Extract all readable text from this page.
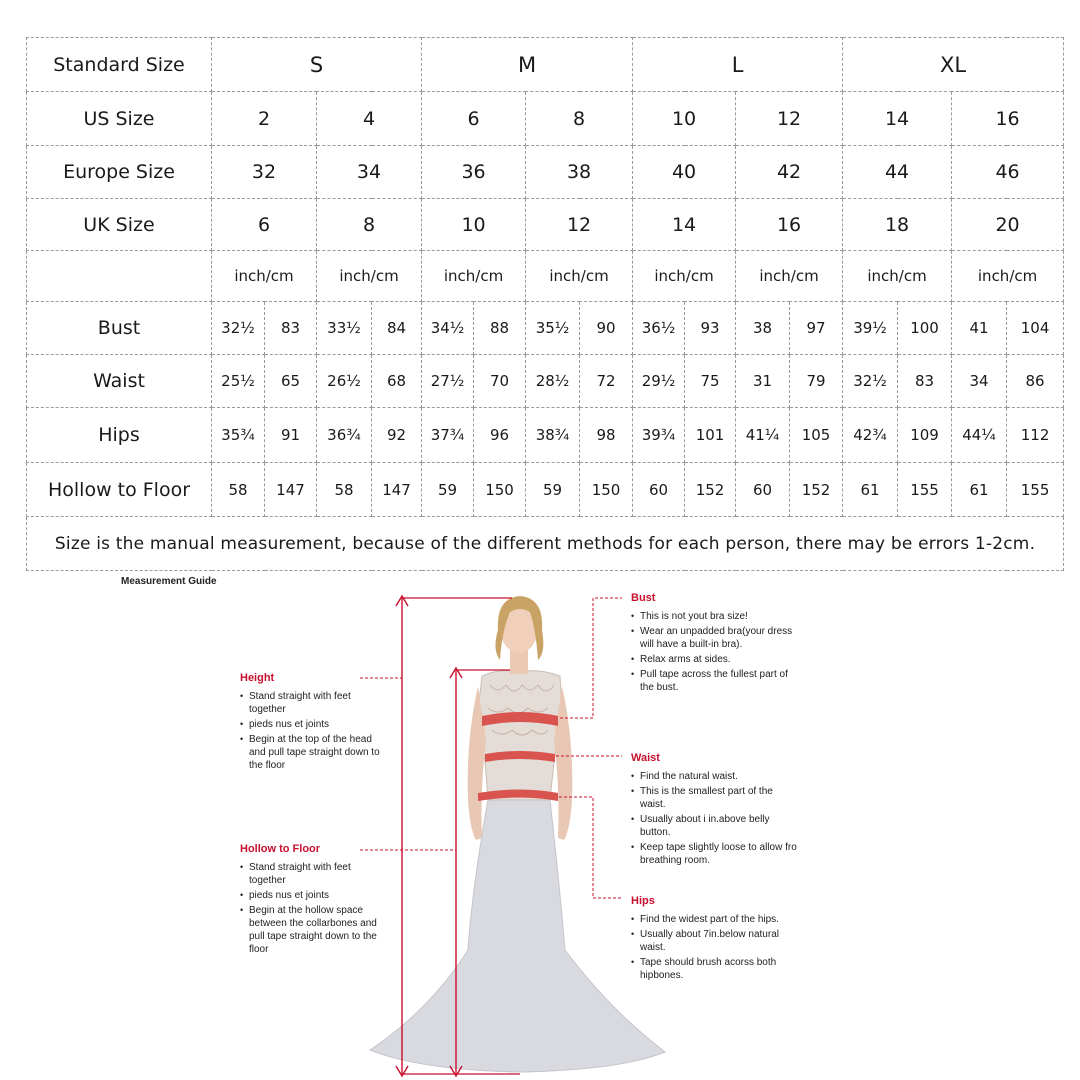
Standard Size	S				M				L				XL			
US Size	2		4		6		8		10		12		14		16	
Europe Size	32		34		36		38		40		42		44		46	
UK Size	6		8		10		12		14		16		18		20	
	inch/cm		inch/cm		inch/cm		inch/cm		inch/cm		inch/cm		inch/cm		inch/cm	
Bust	32½	83	33½	84	34½	88	35½	90	36½	93	38	97	39½	100	41	104
Waist	25½	65	26½	68	27½	70	28½	72	29½	75	31	79	32½	83	34	86
Hips	35¾	91	36¾	92	37¾	96	38¾	98	39¾	101	41¼	105	42¾	109	44¼	112
Hollow to Floor	58	147	58	147	59	150	59	150	60	152	60	152	61	155	61	155
Size is the manual measurement, because of the different methods for each person, there may be errors 1-2cm.																
Measurement Guide
Height
• Stand straight with feet together
• pieds nus et joints
• Begin at the top of the head and pull tape straight down to the floor
Hollow to Floor
• Stand straight with feet together
• pieds nus et joints
• Begin at the hollow space between the collarbones and pull tape straight down to the floor
Bust
• This is not yout bra size!
• Wear an unpadded bra(your dress will have a built-in bra).
• Relax arms at sides.
• Pull tape across the fullest part of the bust.
Waist
• Find the natural waist.
• This is the smallest part of the waist.
• Usually about i in.above belly button.
• Keep tape slightly loose to allow fro breathing room.
Hips
• Find the widest part of the hips.
• Usually about 7in.below natural waist.
• Tape should brush acorss both hipbones.
